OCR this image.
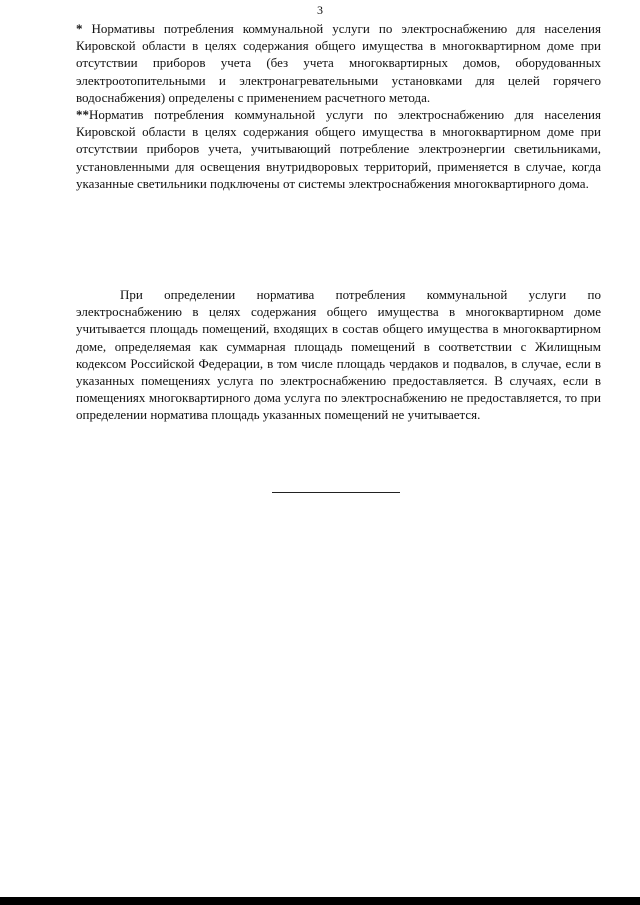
3

* Нормативы потребления коммунальной услуги по электроснабжению для населения Кировской области в целях содержания общего имущества в многоквартирном доме при отсутствии приборов учета (без учета многоквартирных домов, оборудованных электроотопительными и электронагревательными установками для целей горячего водоснабжения) определены с применением расчетного метода.

**Норматив потребления коммунальной услуги по электроснабжению для населения Кировской области в целях содержания общего имущества в многоквартирном доме при отсутствии приборов учета, учитывающий потребление электроэнергии светильниками, установленными для освещения внутридворовых территорий, применяется в случае, когда указанные светильники подключены от системы электроснабжения многоквартирного дома.

При определении норматива потребления коммунальной услуги по электроснабжению в целях содержания общего имущества в многоквартирном доме учитывается площадь помещений, входящих в состав общего имущества в многоквартирном доме, определяемая как суммарная площадь помещений в соответствии с Жилищным кодексом Российской Федерации, в том числе площадь чердаков и подвалов, в случае, если в указанных помещениях услуга по электроснабжению предоставляется. В случаях, если в помещениях многоквартирного дома услуга по электроснабжению не предоставляется, то при определении норматива площадь указанных помещений не учитывается.
